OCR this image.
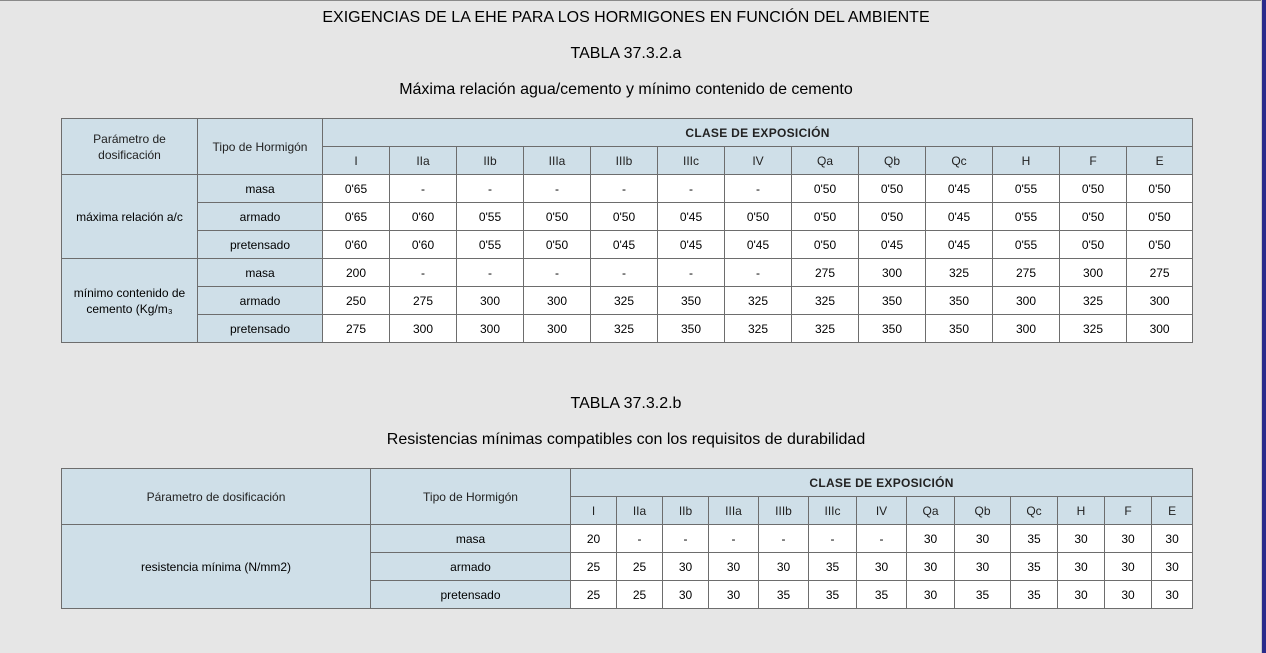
EXIGENCIAS DE LA EHE PARA LOS HORMIGONES EN FUNCIÓN DEL AMBIENTE
TABLA 37.3.2.a
Máxima relación agua/cemento y mínimo contenido de cemento
Parámetro de dosificación	Tipo de Hormigón	CLASE DE EXPOSICIÓN												
		I	IIa	IIb	IIIa	IIIb	IIIc	IV	Qa	Qb	Qc	H	F	E
máxima relación a/c	masa	0'65	-	-	-	-	-	-	0'50	0'50	0'45	0'55	0'50	0'50
	armado	0'65	0'60	0'55	0'50	0'50	0'45	0'50	0'50	0'50	0'45	0'55	0'50	0'50
	pretensado	0'60	0'60	0'55	0'50	0'45	0'45	0'45	0'50	0'45	0'45	0'55	0'50	0'50
mínimo contenido de cemento (Kg/m₃	masa	200	-	-	-	-	-	-	275	300	325	275	300	275
	armado	250	275	300	300	325	350	325	325	350	350	300	325	300
	pretensado	275	300	300	300	325	350	325	325	350	350	300	325	300
TABLA 37.3.2.b
Resistencias mínimas compatibles con los requisitos de durabilidad
Párametro de dosificación	Tipo de Hormigón	CLASE DE EXPOSICIÓN												
		I	IIa	IIb	IIIa	IIIb	IIIc	IV	Qa	Qb	Qc	H	F	E
resistencia mínima (N/mm2)	masa	20	-	-	-	-	-	-	30	30	35	30	30	30
	armado	25	25	30	30	30	35	30	30	30	35	30	30	30
	pretensado	25	25	30	30	35	35	35	30	35	35	30	30	30
